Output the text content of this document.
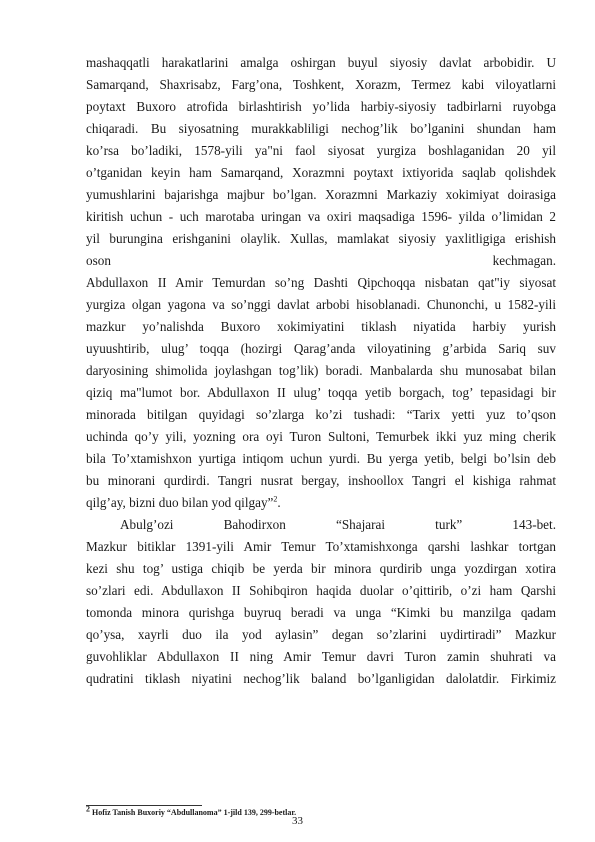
mashaqqatli harakatlarini amalga oshirgan buyul siyosiy davlat arbobidir. U
Samarqand, Shaxrisabz, Farg’ona, Toshkent, Xorazm, Termez kabi viloyatlarni
poytaxt Buxoro atrofida birlashtirish yo’lida harbiy-siyosiy tadbirlarni ruyobga
chiqaradi. Bu siyosatning murakkabliligi nechog’lik bo’lganini shundan ham
ko’rsa bo’ladiki, 1578-yili ya"ni faol siyosat yurgiza boshlaganidan 20 yil
o’tganidan keyin ham Samarqand, Xorazmni poytaxt ixtiyorida saqlab qolishdek
yumushlarini bajarishga majbur bo’lgan. Xorazmni Markaziy xokimiyat doirasiga
kiritish uchun - uch marotaba uringan va oxiri maqsadiga 1596- yilda o’limidan 2
yil burungina erishganini olaylik. Xullas, mamlakat siyosiy yaxlitligiga erishish
oson                                                        kechmagan.
Abdullaxon II Amir Temurdan so’ng Dashti Qipchoqqa nisbatan qat"iy siyosat
yurgiza olgan yagona va so’nggi davlat arbobi hisoblanadi. Chunonchi, u 1582-yili
mazkur yo’nalishda Buxoro xokimiyatini tiklash niyatida harbiy yurish
uyuushtirib, ulug’ toqqa (hozirgi Qarag’anda viloyatining g’arbida Sariq suv
daryosining shimolida joylashgan tog’lik) boradi. Manbalarda shu munosabat bilan
qiziq ma"lumot bor. Abdullaxon II ulug’ toqqa yetib borgach, tog’ tepasidagi bir
minorada bitilgan quyidagi so’zlarga ko’zi tushadi: “Tarix yetti yuz to’qson
uchinda qo’y yili, yozning ora oyi Turon Sultoni, Temurbek ikki yuz ming cherik
bila To’xtamishxon yurtiga intiqom uchun yurdi. Bu yerga yetib, belgi bo’lsin deb
bu minorani qurdirdi. Tangri nusrat bergay, inshoollox Tangri el kishiga rahmat
qilg’ay, bizni duo bilan yod qilgay”$^2$.
Abulg’ozi          Bahodirxon          “Shajarai          turk”          143-bet.
Mazkur bitiklar 1391-yili Amir Temur To’xtamishxonga qarshi lashkar tortgan
kezi shu tog’ ustiga chiqib be yerda bir minora qurdirib unga yozdirgan xotira
so’zlari edi. Abdullaxon II Sohibqiron haqida duolar o’qittirib, o’zi ham Qarshi
tomonda minora qurishga buyruq beradi va unga “Kimki bu manzilga qadam
qo’ysa, xayrli duo ila yod aylasin” degan so’zlarini uydirtiradi” Mazkur
guvohliklar Abdullaxon II ning Amir Temur davri Turon zamin shuhrati va
qudratini tiklash niyatini nechog’lik baland bo’lganligidan dalolatdir. Firkimiz
$^2$ Hofiz Tanish Buxoriy “Abdullanoma” 1-jild 139, 299-betlar.
33
